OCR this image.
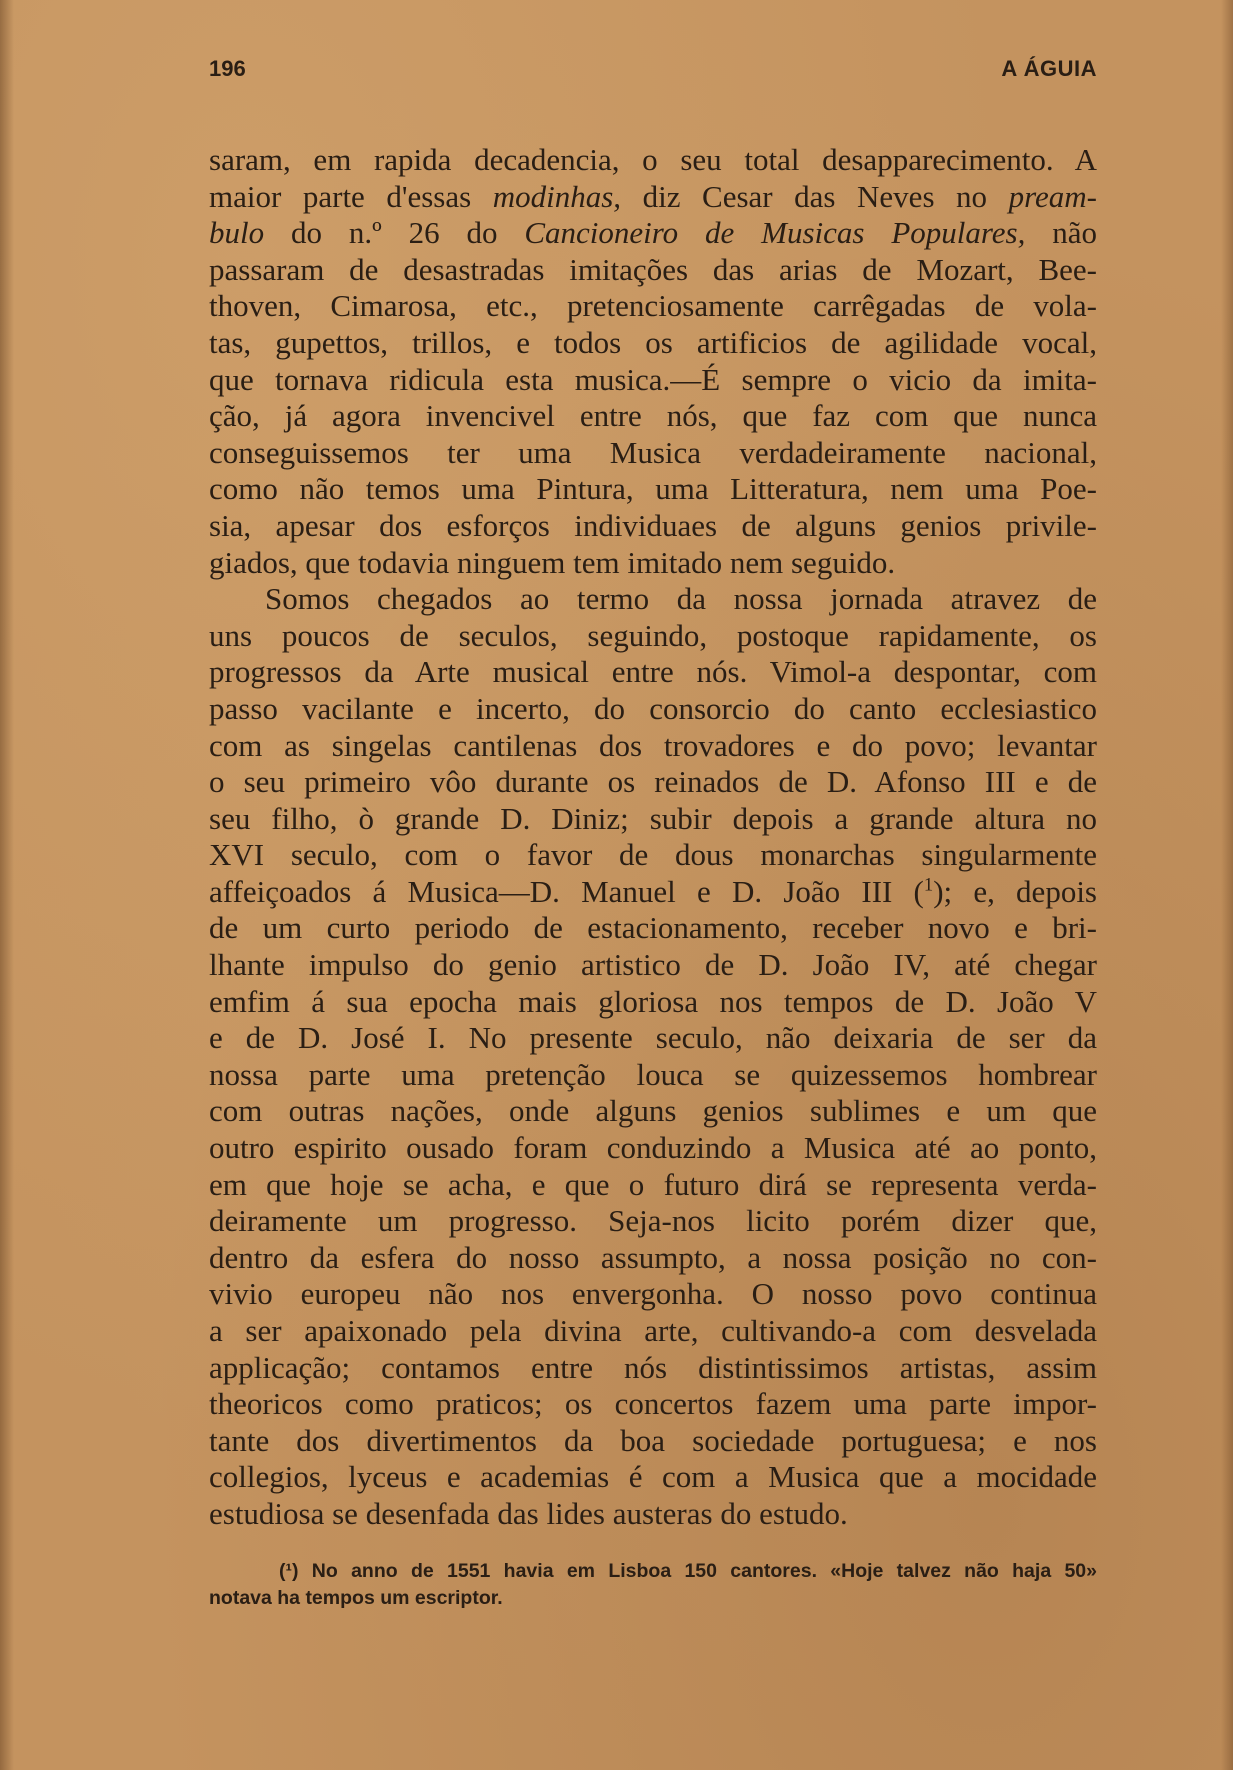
196	A ÁGUIA
saram, em rapida decadencia, o seu total desapparecimento. A
maior parte d'essas modinhas, diz Cesar das Neves no pream-
bulo do n.º 26 do Cancioneiro de Musicas Populares, não
passaram de desastradas imitações das arias de Mozart, Bee-
thoven, Cimarosa, etc., pretenciosamente carrêgadas de vola-
tas, gupettos, trillos, e todos os artificios de agilidade vocal,
que tornava ridicula esta musica.—É sempre o vicio da imita-
ção, já agora invencivel entre nós, que faz com que nunca
conseguissemos ter uma Musica verdadeiramente nacional,
como não temos uma Pintura, uma Litteratura, nem uma Poe-
sia, apesar dos esforços individuaes de alguns genios privile-
giados, que todavia ninguem tem imitado nem seguido.
Somos chegados ao termo da nossa jornada atravez de
uns poucos de seculos, seguindo, postoque rapidamente, os
progressos da Arte musical entre nós. Vimol-a despontar, com
passo vacilante e incerto, do consorcio do canto ecclesiastico
com as singelas cantilenas dos trovadores e do povo; levantar
o seu primeiro vôo durante os reinados de D. Afonso III e de
seu filho, ò grande D. Diniz; subir depois a grande altura no
XVI seculo, com o favor de dous monarchas singularmente
affeiçoados á Musica—D. Manuel e D. João III ($^1$); e, depois
de um curto periodo de estacionamento, receber novo e bri-
lhante impulso do genio artistico de D. João IV, até chegar
emfim á sua epocha mais gloriosa nos tempos de D. João V
e de D. José I. No presente seculo, não deixaria de ser da
nossa parte uma pretenção louca se quizessemos hombrear
com outras nações, onde alguns genios sublimes e um que
outro espirito ousado foram conduzindo a Musica até ao ponto,
em que hoje se acha, e que o futuro dirá se representa verda-
deiramente um progresso. Seja-nos licito porém dizer que,
dentro da esfera do nosso assumpto, a nossa posição no con-
vivio europeu não nos envergonha. O nosso povo continua
a ser apaixonado pela divina arte, cultivando-a com desvelada
applicação; contamos entre nós distintissimos artistas, assim
theoricos como praticos; os concertos fazem uma parte impor-
tante dos divertimentos da boa sociedade portuguesa; e nos
collegios, lyceus e academias é com a Musica que a mocidade
estudiosa se desenfada das lides austeras do estudo.
(¹) No anno de 1551 havia em Lisboa 150 cantores. «Hoje talvez não haja 50»
notava ha tempos um escriptor.
